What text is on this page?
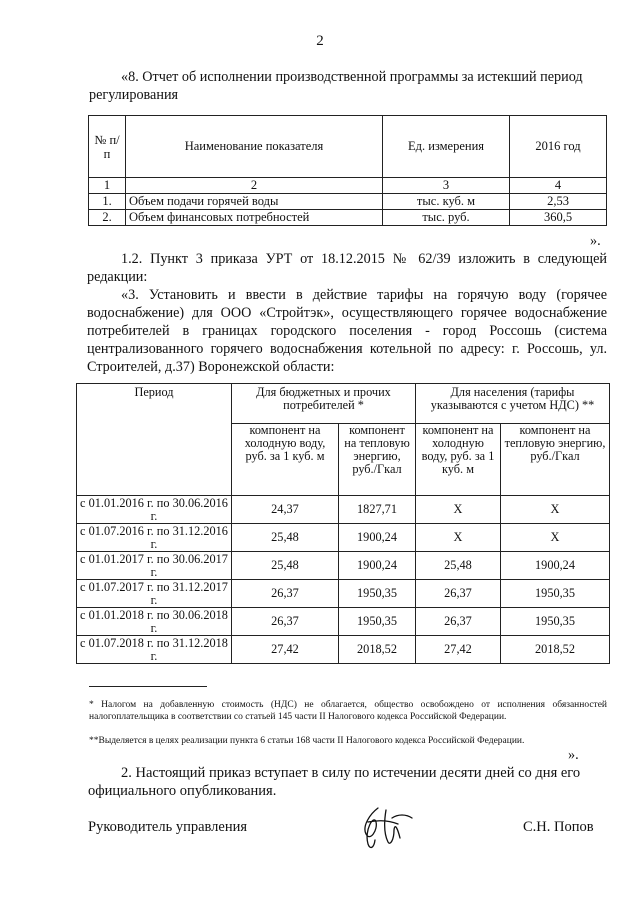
2
«8. Отчет об исполнении производственной программы за истекший период
регулирования
№ п/п	Наименование показателя	Ед. измерения	2016 год
1	2	3	4
1.	Объем подачи горячей воды	тыс. куб. м	2,53
2.	Объем финансовых потребностей	тыс. руб.	360,5
».
1.2. Пункт 3 приказа УРТ от 18.12.2015 № 62/39 изложить в следующей редакции:
«3. Установить и ввести в действие тарифы на горячую воду (горячее водоснабжение) для ООО «Стройтэк», осуществляющего горячее водоснабжение потребителей в границах городского поселения - город Россошь (система централизованного горячего водоснабжения котельной по адресу: г. Россошь, ул. Строителей, д.37) Воронежской области:
Период	Для бюджетных и прочих потребителей *		Для населения (тарифы указываются с учетом НДС) **	
	компонент на холодную воду, руб. за 1 куб. м	компонент на тепловую энергию, руб./Гкал	компонент на холодную воду, руб. за 1 куб. м	компонент на тепловую энергию, руб./Гкал
с 01.01.2016 г. по 30.06.2016 г.	24,37	1827,71	Х	Х
с 01.07.2016 г. по 31.12.2016 г.	25,48	1900,24	Х	Х
с 01.01.2017 г. по 30.06.2017 г.	25,48	1900,24	25,48	1900,24
с 01.07.2017 г. по 31.12.2017 г.	26,37	1950,35	26,37	1950,35
с 01.01.2018 г. по 30.06.2018 г.	26,37	1950,35	26,37	1950,35
с 01.07.2018 г. по 31.12.2018 г.	27,42	2018,52	27,42	2018,52
* Налогом на добавленную стоимость (НДС) не облагается, общество освобождено от исполнения обязанностей налогоплательщика в соответствии со статьей 145 части II Налогового кодекса Российской Федерации.
**Выделяется в целях реализации пункта 6 статьи 168 части II Налогового кодекса Российской Федерации.
».
2. Настоящий приказ вступает в силу по истечении десяти дней со дня его
официального опубликования.
Руководитель управления	С.Н. Попов
